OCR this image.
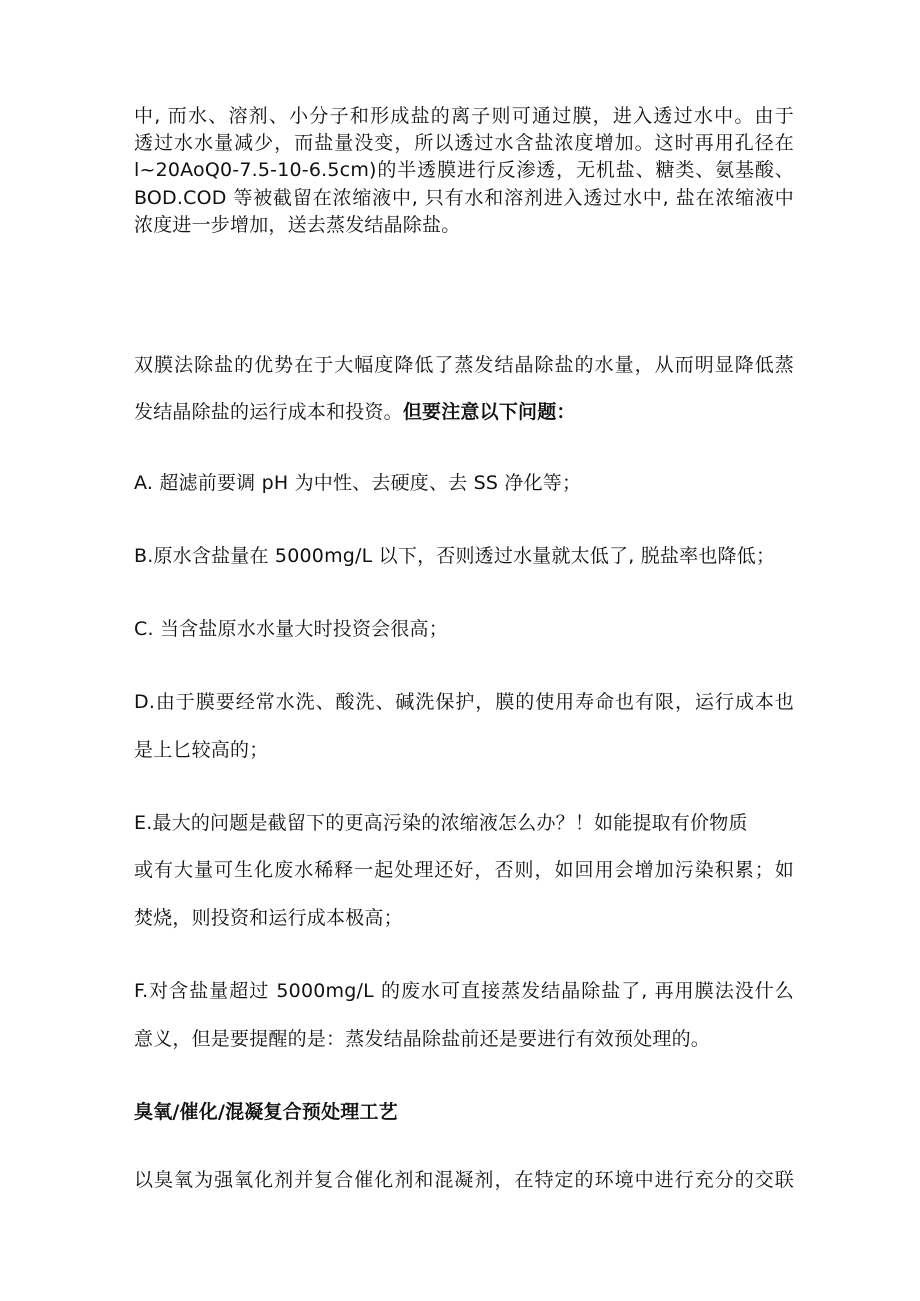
中, 而水、溶剂、小分子和形成盐的离子则可通过膜，进入透过水中。由于
透过水水量减少，而盐量没变，所以透过水含盐浓度增加。这时再用孔径在
l~20AoQ0-7.5-10-6.5cm)的半透膜进行反渗透，无机盐、糖类、氨基酸、
BOD.COD 等被截留在浓缩液中, 只有水和溶剂进入透过水中, 盐在浓缩液中
浓度进一步增加，送去蒸发结晶除盐。
双膜法除盐的优势在于大幅度降低了蒸发结晶除盐的水量，从而明显降低蒸
发结晶除盐的运行成本和投资。但要注意以下问题：
A. 超滤前要调 pH 为中性、去硬度、去 SS 净化等；
B.原水含盐量在 5000mg∕L 以下，否则透过水量就太低了, 脱盐率也降低；
C. 当含盐原水水量大时投资会很高；
D.由于膜要经常水洗、酸洗、碱洗保护，膜的使用寿命也有限，运行成本也
是上匕较高的；
E.最大的问题是截留下的更高污染的浓缩液怎么办？！如能提取有价物质
或有大量可生化废水稀释一起处理还好，否则，如回用会增加污染积累；如
焚烧，则投资和运行成本极高；
F.对含盐量超过 5000mg∕L 的废水可直接蒸发结晶除盐了, 再用膜法没什么
意义，但是要提醒的是：蒸发结晶除盐前还是要进行有效预处理的。
臭氧/催化/混凝复合预处理工艺
以臭氧为强氧化剂并复合催化剂和混凝剂，在特定的环境中进行充分的交联
